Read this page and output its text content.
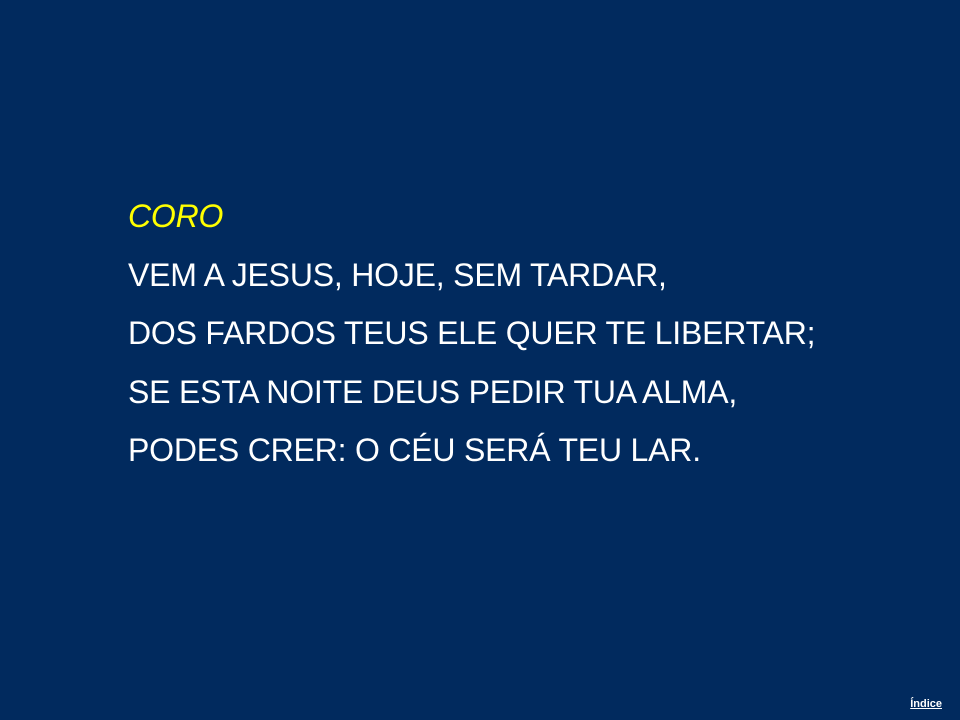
CORO
VEM A JESUS, HOJE, SEM TARDAR,
DOS FARDOS TEUS ELE QUER TE LIBERTAR;
SE ESTA NOITE DEUS PEDIR TUA ALMA,
PODES CRER: O CÉU SERÁ TEU LAR.
Índice
